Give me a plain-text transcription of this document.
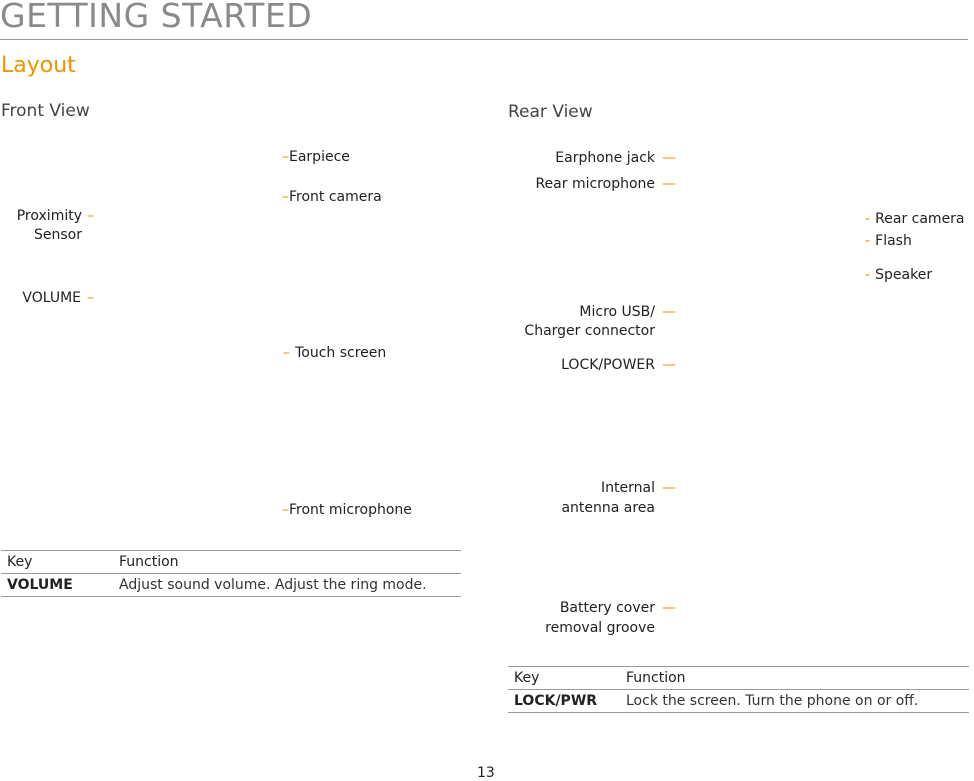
GETTING STARTED
Layout
Front View
–Earpiece
–Front camera
Proximity –
Sensor
VOLUME –
– Touch screen
–Front microphone
Key	Function
VOLUME	Adjust sound volume. Adjust the ring mode.
Rear View
Earphone jack —
Rear microphone —
- Rear camera
- Flash
- Speaker
Micro USB/ —
Charger connector
LOCK/POWER —
Internal —
antenna area
Battery cover —
removal groove
Key	Function
LOCK/PWR	Lock the screen. Turn the phone on or off.
13
